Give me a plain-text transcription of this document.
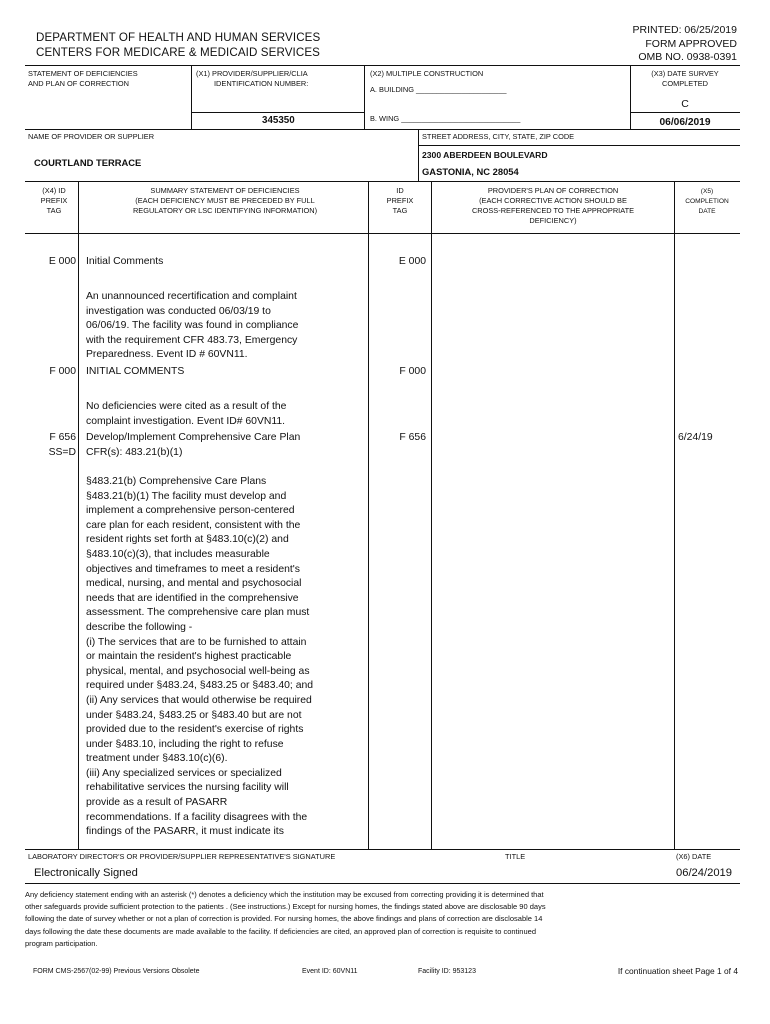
DEPARTMENT OF HEALTH AND HUMAN SERVICES
CENTERS FOR MEDICARE & MEDICAID SERVICES
PRINTED: 06/25/2019
FORM APPROVED
OMB NO. 0938-0391
STATEMENT OF DEFICIENCIES
AND PLAN OF CORRECTION
(X1) PROVIDER/SUPPLIER/CLIA
IDENTIFICATION NUMBER:
345350
(X2) MULTIPLE CONSTRUCTION
A. BUILDING ______________________
B. WING _____________________________
(X3) DATE SURVEY
COMPLETED
C
06/06/2019
NAME OF PROVIDER OR SUPPLIER
COURTLAND TERRACE
STREET ADDRESS, CITY, STATE, ZIP CODE
2300 ABERDEEN BOULEVARD
GASTONIA, NC 28054
(X4) ID
PREFIX
TAG
SUMMARY STATEMENT OF DEFICIENCIES
(EACH DEFICIENCY MUST BE PRECEDED BY FULL
REGULATORY OR LSC IDENTIFYING INFORMATION)
ID
PREFIX
TAG
PROVIDER'S PLAN OF CORRECTION
(EACH CORRECTIVE ACTION SHOULD BE
CROSS-REFERENCED TO THE APPROPRIATE
DEFICIENCY)
(X5)
COMPLETION
DATE
E 000 Initial Comments	E 000
An unannounced recertification and complaint
investigation was conducted 06/03/19 to
06/06/19. The facility was found in compliance
with the requirement CFR 483.73, Emergency
Preparedness. Event ID # 60VN11.
F 000 INITIAL COMMENTS	F 000
No deficiencies were cited as a result of the
complaint investigation. Event ID# 60VN11.
F 656
SS=D
Develop/Implement Comprehensive Care Plan
CFR(s): 483.21(b)(1)
F 656	6/24/19
§483.21(b) Comprehensive Care Plans
§483.21(b)(1) The facility must develop and
implement a comprehensive person-centered
care plan for each resident, consistent with the
resident rights set forth at §483.10(c)(2) and
§483.10(c)(3), that includes measurable
objectives and timeframes to meet a resident's
medical, nursing, and mental and psychosocial
needs that are identified in the comprehensive
assessment. The comprehensive care plan must
describe the following -
(i) The services that are to be furnished to attain
or maintain the resident's highest practicable
physical, mental, and psychosocial well-being as
required under §483.24, §483.25 or §483.40; and
(ii) Any services that would otherwise be required
under §483.24, §483.25 or §483.40 but are not
provided due to the resident's exercise of rights
under §483.10, including the right to refuse
treatment under §483.10(c)(6).
(iii) Any specialized services or specialized
rehabilitative services the nursing facility will
provide as a result of PASARR
recommendations. If a facility disagrees with the
findings of the PASARR, it must indicate its
LABORATORY DIRECTOR'S OR PROVIDER/SUPPLIER REPRESENTATIVE'S SIGNATURE	TITLE	(X6) DATE
Electronically Signed	06/24/2019
Any deficiency statement ending with an asterisk (*) denotes a deficiency which the institution may be excused from correcting providing it is determined that
other safeguards provide sufficient protection to the patients . (See instructions.) Except for nursing homes, the findings stated above are disclosable 90 days
following the date of survey whether or not a plan of correction is provided. For nursing homes, the above findings and plans of correction are disclosable 14
days following the date these documents are made available to the facility. If deficiencies are cited, an approved plan of correction is requisite to continued
program participation.
FORM CMS-2567(02-99) Previous Versions Obsolete	Event ID: 60VN11	Facility ID: 953123	If continuation sheet Page 1 of 4
